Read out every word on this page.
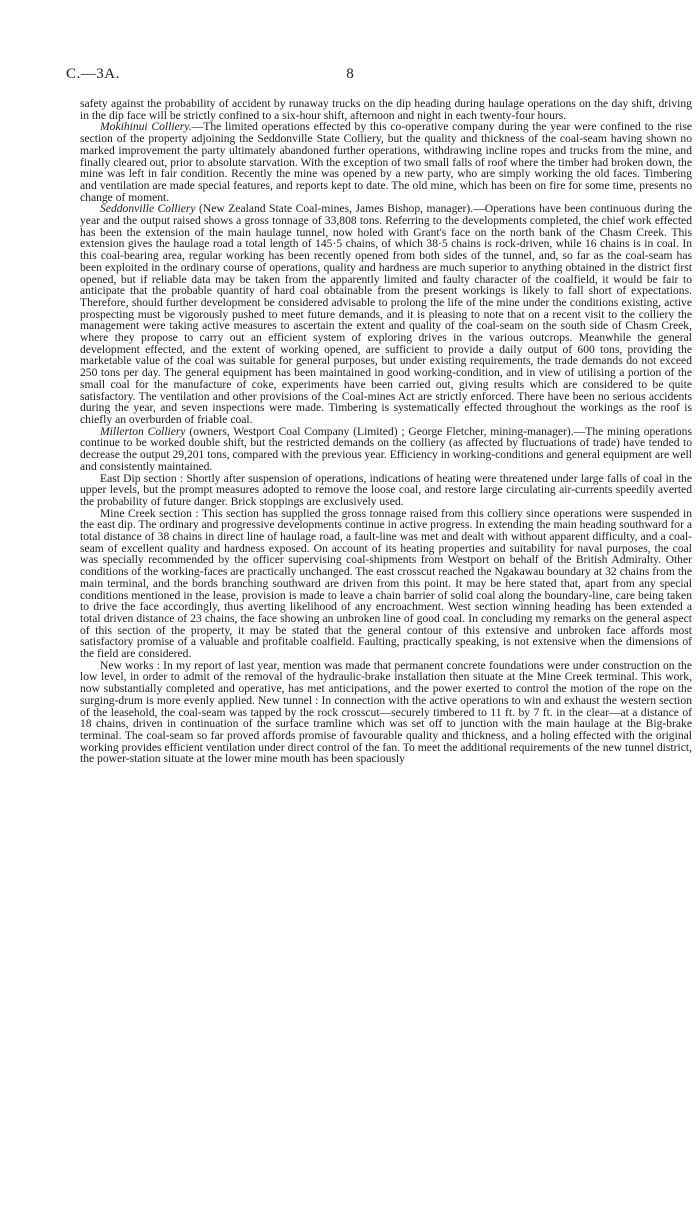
C.—3A.	8

safety against the probability of accident by runaway trucks on the dip heading during haulage operations on the day shift, driving in the dip face will be strictly confined to a six-hour shift, afternoon and night in each twenty-four hours.

Mokihinui Colliery.—The limited operations effected by this co-operative company during the year were confined to the rise section of the property adjoining the Seddonville State Colliery, but the quality and thickness of the coal-seam having shown no marked improvement the party ultimately abandoned further operations, withdrawing incline ropes and trucks from the mine, and finally cleared out, prior to absolute starvation. With the exception of two small falls of roof where the timber had broken down, the mine was left in fair condition. Recently the mine was opened by a new party, who are simply working the old faces. Timbering and ventilation are made special features, and reports kept to date. The old mine, which has been on fire for some time, presents no change of moment.

Seddonville Colliery (New Zealand State Coal-mines, James Bishop, manager).—Operations have been continuous during the year and the output raised shows a gross tonnage of 33,808 tons. Referring to the developments completed, the chief work effected has been the extension of the main haulage tunnel, now holed with Grant's face on the north bank of the Chasm Creek. This extension gives the haulage road a total length of 145·5 chains, of which 38·5 chains is rock-driven, while 16 chains is in coal. In this coal-bearing area, regular working has been recently opened from both sides of the tunnel, and, so far as the coal-seam has been exploited in the ordinary course of operations, quality and hardness are much superior to anything obtained in the district first opened, but if reliable data may be taken from the apparently limited and faulty character of the coalfield, it would be fair to anticipate that the probable quantity of hard coal obtainable from the present workings is likely to fall short of expectations. Therefore, should further development be considered advisable to prolong the life of the mine under the conditions existing, active prospecting must be vigorously pushed to meet future demands, and it is pleasing to note that on a recent visit to the colliery the management were taking active measures to ascertain the extent and quality of the coal-seam on the south side of Chasm Creek, where they propose to carry out an efficient system of exploring drives in the various outcrops. Meanwhile the general development effected, and the extent of working opened, are sufficient to provide a daily output of 600 tons, providing the marketable value of the coal was suitable for general purposes, but under existing requirements, the trade demands do not exceed 250 tons per day. The general equipment has been maintained in good working-condition, and in view of utilising a portion of the small coal for the manufacture of coke, experiments have been carried out, giving results which are considered to be quite satisfactory. The ventilation and other provisions of the Coal-mines Act are strictly enforced. There have been no serious accidents during the year, and seven inspections were made. Timbering is systematically effected throughout the workings as the roof is chiefly an overburden of friable coal.

Millerton Colliery (owners, Westport Coal Company (Limited) ; George Fletcher, mining-manager).—The mining operations continue to be worked double shift, but the restricted demands on the colliery (as affected by fluctuations of trade) have tended to decrease the output 29,201 tons, compared with the previous year. Efficiency in working-conditions and general equipment are well and consistently maintained.

East Dip section : Shortly after suspension of operations, indications of heating were threatened under large falls of coal in the upper levels, but the prompt measures adopted to remove the loose coal, and restore large circulating air-currents speedily averted the probability of future danger. Brick stoppings are exclusively used.

Mine Creek section : This section has supplied the gross tonnage raised from this colliery since operations were suspended in the east dip. The ordinary and progressive developments continue in active progress. In extending the main heading southward for a total distance of 38 chains in direct line of haulage road, a fault-line was met and dealt with without apparent difficulty, and a coal-seam of excellent quality and hardness exposed. On account of its heating properties and suitability for naval purposes, the coal was specially recommended by the officer supervising coal-shipments from Westport on behalf of the British Admiralty. Other conditions of the working-faces are practically unchanged. The east crosscut reached the Ngakawau boundary at 32 chains from the main terminal, and the bords branching southward are driven from this point. It may be here stated that, apart from any special conditions mentioned in the lease, provision is made to leave a chain barrier of solid coal along the boundary-line, care being taken to drive the face accordingly, thus averting likelihood of any encroachment. West section winning heading has been extended a total driven distance of 23 chains, the face showing an unbroken line of good coal. In concluding my remarks on the general aspect of this section of the property, it may be stated that the general contour of this extensive and unbroken face affords most satisfactory promise of a valuable and profitable coalfield. Faulting, practically speaking, is not extensive when the dimensions of the field are considered.

New works : In my report of last year, mention was made that permanent concrete foundations were under construction on the low level, in order to admit of the removal of the hydraulic-brake installation then situate at the Mine Creek terminal. This work, now substantially completed and operative, has met anticipations, and the power exerted to control the motion of the rope on the surging-drum is more evenly applied. New tunnel : In connection with the active operations to win and exhaust the western section of the leasehold, the coal-seam was tapped by the rock crosscut—securely timbered to 11 ft. by 7 ft. in the clear—at a distance of 18 chains, driven in continuation of the surface tramline which was set off to junction with the main haulage at the Big-brake terminal. The coal-seam so far proved affords promise of favourable quality and thickness, and a holing effected with the original working provides efficient ventilation under direct control of the fan. To meet the additional requirements of the new tunnel district, the power-station situate at the lower mine mouth has been spaciously
